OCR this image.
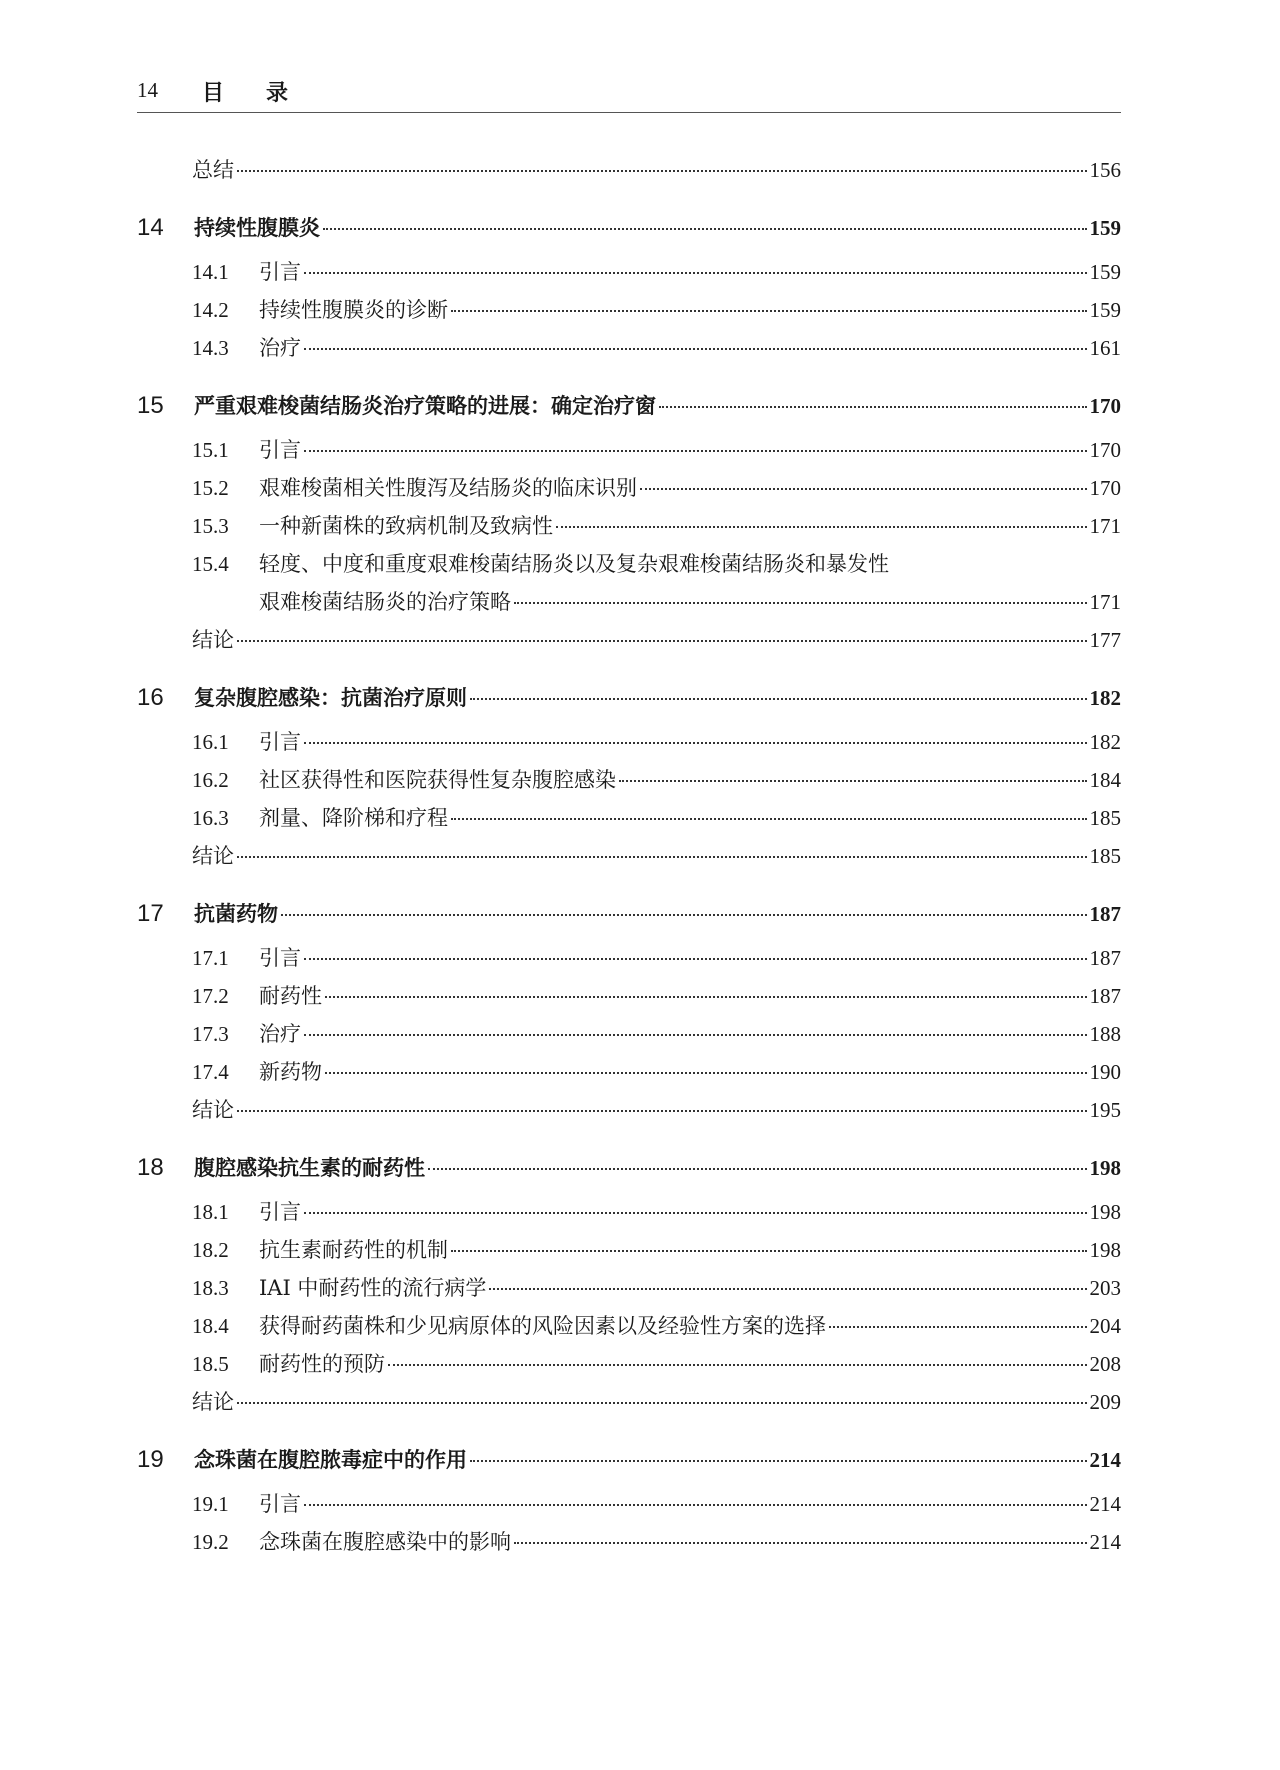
14 目录
总结	156
14	持续性腹膜炎	159
14.1	引言	159
14.2	持续性腹膜炎的诊断	159
14.3	治疗	161
15	严重艰难梭菌结肠炎治疗策略的进展：确定治疗窗	170
15.1	引言	170
15.2	艰难梭菌相关性腹泻及结肠炎的临床识别	170
15.3	一种新菌株的致病机制及致病性	171
15.4	轻度、中度和重度艰难梭菌结肠炎以及复杂艰难梭菌结肠炎和暴发性
艰难梭菌结肠炎的治疗策略	171
结论	177
16	复杂腹腔感染：抗菌治疗原则	182
16.1	引言	182
16.2	社区获得性和医院获得性复杂腹腔感染	184
16.3	剂量、降阶梯和疗程	185
结论	185
17	抗菌药物	187
17.1	引言	187
17.2	耐药性	187
17.3	治疗	188
17.4	新药物	190
结论	195
18	腹腔感染抗生素的耐药性	198
18.1	引言	198
18.2	抗生素耐药性的机制	198
18.3	IAI 中耐药性的流行病学	203
18.4	获得耐药菌株和少见病原体的风险因素以及经验性方案的选择	204
18.5	耐药性的预防	208
结论	209
19	念珠菌在腹腔脓毒症中的作用	214
19.1	引言	214
19.2	念珠菌在腹腔感染中的影响	214
